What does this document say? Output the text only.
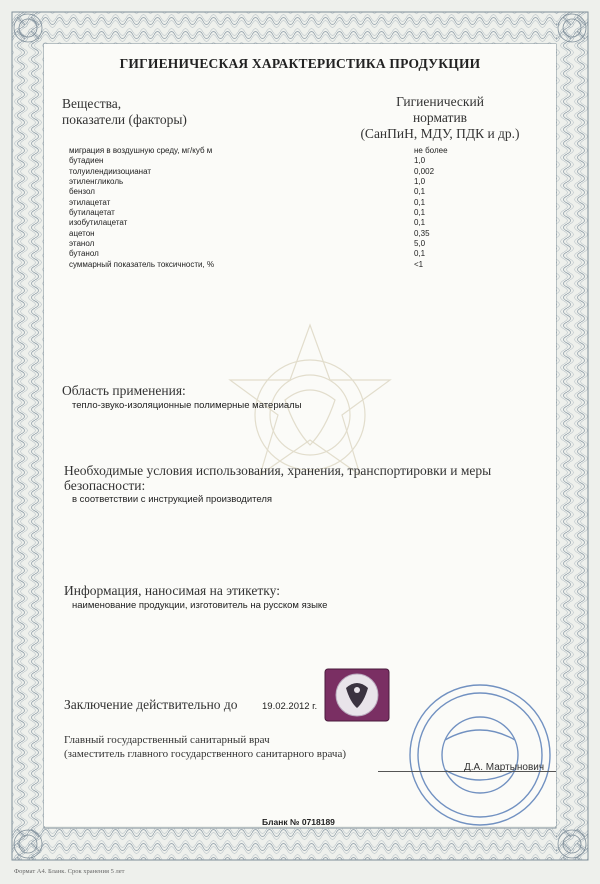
ГИГИЕНИЧЕСКАЯ ХАРАКТЕРИСТИКА ПРОДУКЦИИ
Вещества,
показатели (факторы)
Гигиенический
норматив
(СанПиН, МДУ, ПДК и др.)
миграция в воздушную среду, мг/куб м	не более
бутадиен	1,0
толуилендиизоцианат	0,002
этиленгликоль	1,0
бензол	0,1
этилацетат	0,1
бутилацетат	0,1
изобутилацетат	0,1
ацетон	0,35
этанол	5,0
бутанол	0,1
суммарный показатель токсичности, %	<1
Область применения:
тепло-звуко-изоляционные полимерные материалы
Необходимые условия использования, хранения, транспортировки и меры
безопасности:
в соответствии с инструкцией производителя
Информация, наносимая на этикетку:
наименование продукции, изготовитель на русском языке
Заключение действительно до	19.02.2012 г.
Главный государственный санитарный врач
(заместитель главного государственного санитарного врача)
Д.А. Мартынович
Бланк № 0718189
Формат А4. Бланк. Срок хранения 5 лет
